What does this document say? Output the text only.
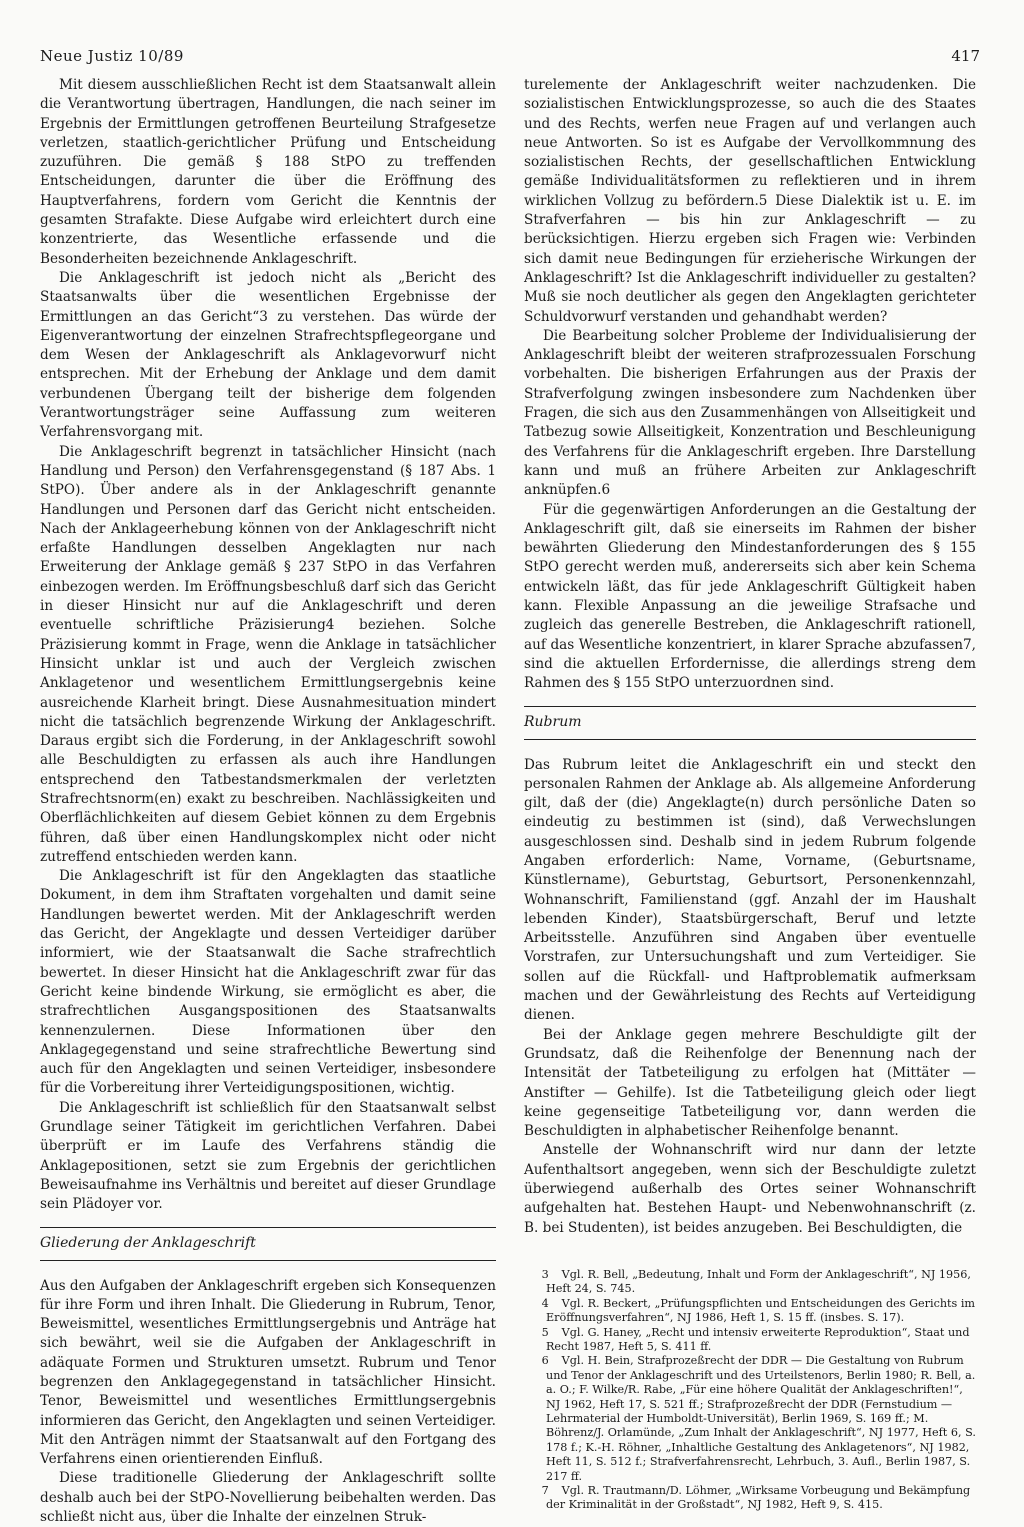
Neue Justiz 10/89	417

Mit diesem ausschließlichen Recht ist dem Staatsanwalt allein die Verantwortung übertragen, Handlungen, die nach seiner im Ergebnis der Ermittlungen getroffenen Beurteilung Strafgesetze verletzen, staatlich-gerichtlicher Prüfung und Entscheidung zuzuführen. Die gemäß § 188 StPO zu treffenden Entscheidungen, darunter die über die Eröffnung des Hauptverfahrens, fordern vom Gericht die Kenntnis der gesamten Strafakte. Diese Aufgabe wird erleichtert durch eine konzentrierte, das Wesentliche erfassende und die Besonderheiten bezeichnende Anklageschrift.

Die Anklageschrift ist jedoch nicht als „Bericht des Staatsanwalts über die wesentlichen Ergebnisse der Ermittlungen an das Gericht“3 zu verstehen. Das würde der Eigenverantwortung der einzelnen Strafrechtspflegeorgane und dem Wesen der Anklageschrift als Anklagevorwurf nicht entsprechen. Mit der Erhebung der Anklage und dem damit verbundenen Übergang teilt der bisherige dem folgenden Verantwortungsträger seine Auffassung zum weiteren Verfahrensvorgang mit.

Die Anklageschrift begrenzt in tatsächlicher Hinsicht (nach Handlung und Person) den Verfahrensgegenstand (§ 187 Abs. 1 StPO). Über andere als in der Anklageschrift genannte Handlungen und Personen darf das Gericht nicht entscheiden. Nach der Anklageerhebung können von der Anklageschrift nicht erfaßte Handlungen desselben Angeklagten nur nach Erweiterung der Anklage gemäß § 237 StPO in das Verfahren einbezogen werden. Im Eröffnungsbeschluß darf sich das Gericht in dieser Hinsicht nur auf die Anklageschrift und deren eventuelle schriftliche Präzisierung4 beziehen. Solche Präzisierung kommt in Frage, wenn die Anklage in tatsächlicher Hinsicht unklar ist und auch der Vergleich zwischen Anklagetenor und wesentlichem Ermittlungsergebnis keine ausreichende Klarheit bringt. Diese Ausnahmesituation mindert nicht die tatsächlich begrenzende Wirkung der Anklageschrift. Daraus ergibt sich die Forderung, in der Anklageschrift sowohl alle Beschuldigten zu erfassen als auch ihre Handlungen entsprechend den Tatbestandsmerkmalen der verletzten Strafrechtsnorm(en) exakt zu beschreiben. Nachlässigkeiten und Oberflächlichkeiten auf diesem Gebiet können zu dem Ergebnis führen, daß über einen Handlungskomplex nicht oder nicht zutreffend entschieden werden kann.

Die Anklageschrift ist für den Angeklagten das staatliche Dokument, in dem ihm Straftaten vorgehalten und damit seine Handlungen bewertet werden. Mit der Anklageschrift werden das Gericht, der Angeklagte und dessen Verteidiger darüber informiert, wie der Staatsanwalt die Sache strafrechtlich bewertet. In dieser Hinsicht hat die Anklageschrift zwar für das Gericht keine bindende Wirkung, sie ermöglicht es aber, die strafrechtlichen Ausgangspositionen des Staatsanwalts kennenzulernen. Diese Informationen über den Anklagegegenstand und seine strafrechtliche Bewertung sind auch für den Angeklagten und seinen Verteidiger, insbesondere für die Vorbereitung ihrer Verteidigungspositionen, wichtig.

Die Anklageschrift ist schließlich für den Staatsanwalt selbst Grundlage seiner Tätigkeit im gerichtlichen Verfahren. Dabei überprüft er im Laufe des Verfahrens ständig die Anklagepositionen, setzt sie zum Ergebnis der gerichtlichen Beweisaufnahme ins Verhältnis und bereitet auf dieser Grundlage sein Plädoyer vor.

Gliederung der Anklageschrift

Aus den Aufgaben der Anklageschrift ergeben sich Konsequenzen für ihre Form und ihren Inhalt. Die Gliederung in Rubrum, Tenor, Beweismittel, wesentliches Ermittlungsergebnis und Anträge hat sich bewährt, weil sie die Aufgaben der Anklageschrift in adäquate Formen und Strukturen umsetzt. Rubrum und Tenor begrenzen den Anklagegegenstand in tatsächlicher Hinsicht. Tenor, Beweismittel und wesentliches Ermittlungsergebnis informieren das Gericht, den Angeklagten und seinen Verteidiger. Mit den Anträgen nimmt der Staatsanwalt auf den Fortgang des Verfahrens einen orientierenden Einfluß.

Diese traditionelle Gliederung der Anklageschrift sollte deshalb auch bei der StPO-Novellierung beibehalten werden. Das schließt nicht aus, über die Inhalte der einzelnen Struk-

turelemente der Anklageschrift weiter nachzudenken. Die sozialistischen Entwicklungsprozesse, so auch die des Staates und des Rechts, werfen neue Fragen auf und verlangen auch neue Antworten. So ist es Aufgabe der Vervollkommnung des sozialistischen Rechts, der gesellschaftlichen Entwicklung gemäße Individualitätsformen zu reflektieren und in ihrem wirklichen Vollzug zu befördern.5 Diese Dialektik ist u. E. im Strafverfahren — bis hin zur Anklageschrift — zu berücksichtigen. Hierzu ergeben sich Fragen wie: Verbinden sich damit neue Bedingungen für erzieherische Wirkungen der Anklageschrift? Ist die Anklageschrift individueller zu gestalten? Muß sie noch deutlicher als gegen den Angeklagten gerichteter Schuldvorwurf verstanden und gehandhabt werden?

Die Bearbeitung solcher Probleme der Individualisierung der Anklageschrift bleibt der weiteren strafprozessualen Forschung vorbehalten. Die bisherigen Erfahrungen aus der Praxis der Strafverfolgung zwingen insbesondere zum Nachdenken über Fragen, die sich aus den Zusammenhängen von Allseitigkeit und Tatbezug sowie Allseitigkeit, Konzentration und Beschleunigung des Verfahrens für die Anklageschrift ergeben. Ihre Darstellung kann und muß an frühere Arbeiten zur Anklageschrift anknüpfen.6

Für die gegenwärtigen Anforderungen an die Gestaltung der Anklageschrift gilt, daß sie einerseits im Rahmen der bisher bewährten Gliederung den Mindestanforderungen des § 155 StPO gerecht werden muß, andererseits sich aber kein Schema entwickeln läßt, das für jede Anklageschrift Gültigkeit haben kann. Flexible Anpassung an die jeweilige Strafsache und zugleich das generelle Bestreben, die Anklageschrift rationell, auf das Wesentliche konzentriert, in klarer Sprache abzufassen7, sind die aktuellen Erfordernisse, die allerdings streng dem Rahmen des § 155 StPO unterzuordnen sind.

Rubrum

Das Rubrum leitet die Anklageschrift ein und steckt den personalen Rahmen der Anklage ab. Als allgemeine Anforderung gilt, daß der (die) Angeklagte(n) durch persönliche Daten so eindeutig zu bestimmen ist (sind), daß Verwechslungen ausgeschlossen sind. Deshalb sind in jedem Rubrum folgende Angaben erforderlich: Name, Vorname, (Geburtsname, Künstlername), Geburtstag, Geburtsort, Personenkennzahl, Wohnanschrift, Familienstand (ggf. Anzahl der im Haushalt lebenden Kinder), Staatsbürgerschaft, Beruf und letzte Arbeitsstelle. Anzuführen sind Angaben über eventuelle Vorstrafen, zur Untersuchungshaft und zum Verteidiger. Sie sollen auf die Rückfall- und Haftproblematik aufmerksam machen und der Gewährleistung des Rechts auf Verteidigung dienen.

Bei der Anklage gegen mehrere Beschuldigte gilt der Grundsatz, daß die Reihenfolge der Benennung nach der Intensität der Tatbeteiligung zu erfolgen hat (Mittäter — Anstifter — Gehilfe). Ist die Tatbeteiligung gleich oder liegt keine gegenseitige Tatbeteiligung vor, dann werden die Beschuldigten in alphabetischer Reihenfolge benannt.

Anstelle der Wohnanschrift wird nur dann der letzte Aufenthaltsort angegeben, wenn sich der Beschuldigte zuletzt überwiegend außerhalb des Ortes seiner Wohnanschrift aufgehalten hat. Bestehen Haupt- und Nebenwohnanschrift (z. B. bei Studenten), ist beides anzugeben. Bei Beschuldigten, die

3 Vgl. R. Bell, „Bedeutung, Inhalt und Form der Anklageschrift“, NJ 1956, Heft 24, S. 745.

4 Vgl. R. Beckert, „Prüfungspflichten und Entscheidungen des Gerichts im Eröffnungsverfahren“, NJ 1986, Heft 1, S. 15 ff. (insbes. S. 17).

5 Vgl. G. Haney, „Recht und intensiv erweiterte Reproduktion“, Staat und Recht 1987, Heft 5, S. 411 ff.

6 Vgl. H. Bein, Strafprozeßrecht der DDR — Die Gestaltung von Rubrum und Tenor der Anklageschrift und des Urteilstenors, Berlin 1980; R. Bell, a. a. O.; F. Wilke/R. Rabe, „Für eine höhere Qualität der Anklageschriften!“, NJ 1962, Heft 17, S. 521 ff.; Strafprozeßrecht der DDR (Fernstudium — Lehrmaterial der Humboldt-Universität), Berlin 1969, S. 169 ff.; M. Böhrenz/J. Orlamünde, „Zum Inhalt der Anklageschrift“, NJ 1977, Heft 6, S. 178 f.; K.-H. Röhner, „Inhaltliche Gestaltung des Anklagetenors“, NJ 1982, Heft 11, S. 512 f.; Strafverfahrensrecht, Lehrbuch, 3. Aufl., Berlin 1987, S. 217 ff.

7 Vgl. R. Trautmann/D. Löhmer, „Wirksame Vorbeugung und Bekämpfung der Kriminalität in der Großstadt“, NJ 1982, Heft 9, S. 415.
